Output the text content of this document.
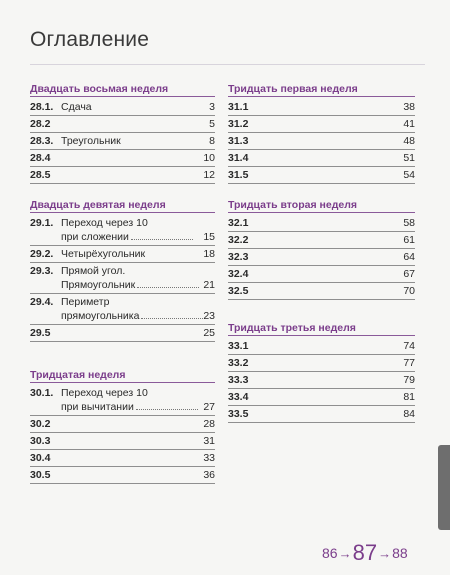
Оглавление
Двадцать восьмая неделя
28.1. Сдача	3
28.2	5
28.3. Треугольник	8
28.4	10
28.5	12
Двадцать девятая неделя
29.1. Переход через 10
при сложении	15
29.2. Четырёхугольник	18
29.3. Прямой угол.
Прямоугольник	21
29.4. Периметр
прямоугольника	23
29.5	25
Тридцатая неделя
30.1. Переход через 10
при вычитании	27
30.2	28
30.3	31
30.4	33
30.5	36
Тридцать первая неделя
31.1	38
31.2	41
31.3	48
31.4	51
31.5	54
Тридцать вторая неделя
32.1	58
32.2	61
32.3	64
32.4	67
32.5	70
Тридцать третья неделя
33.1	74
33.2	77
33.3	79
33.4	81
33.5	84
86→87→88
